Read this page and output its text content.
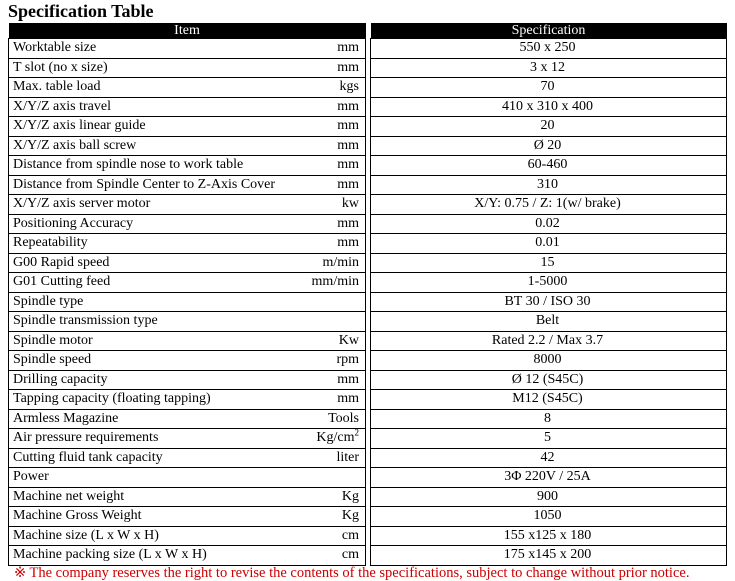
Specification Table
Item			Specification
Worktable size	mm		550 x 250
T slot (no x size)	mm		3 x 12
Max. table load	kgs		70
X/Y/Z axis travel	mm		410 x 310 x 400
X/Y/Z axis linear guide	mm		20
X/Y/Z axis ball screw	mm		Ø 20
Distance from spindle nose to work table	mm		60-460
Distance from Spindle Center to Z-Axis Cover	mm		310
X/Y/Z axis server motor	kw		X/Y: 0.75 / Z: 1(w/ brake)
Positioning Accuracy	mm		0.02
Repeatability	mm		0.01
G00 Rapid speed	m/min		15
G01 Cutting feed	mm/min		1-5000
Spindle type			BT 30 / ISO 30
Spindle transmission type			Belt
Spindle motor	Kw		Rated 2.2 / Max 3.7
Spindle speed	rpm		8000
Drilling capacity	mm		Ø 12 (S45C)
Tapping capacity (floating tapping)	mm		M12 (S45C)
Armless Magazine	Tools		8
Air pressure requirements	$Kg/cm^2$		5
Cutting fluid tank capacity	liter		42
Power			3Φ 220V / 25A
Machine net weight	Kg		900
Machine Gross Weight	Kg		1050
Machine size (L x W x H)	cm		155 x125 x 180
Machine packing size (L x W x H)	cm		175 x145 x 200
※ The company reserves the right to revise the contents of the specifications, subject to change without prior notice.
